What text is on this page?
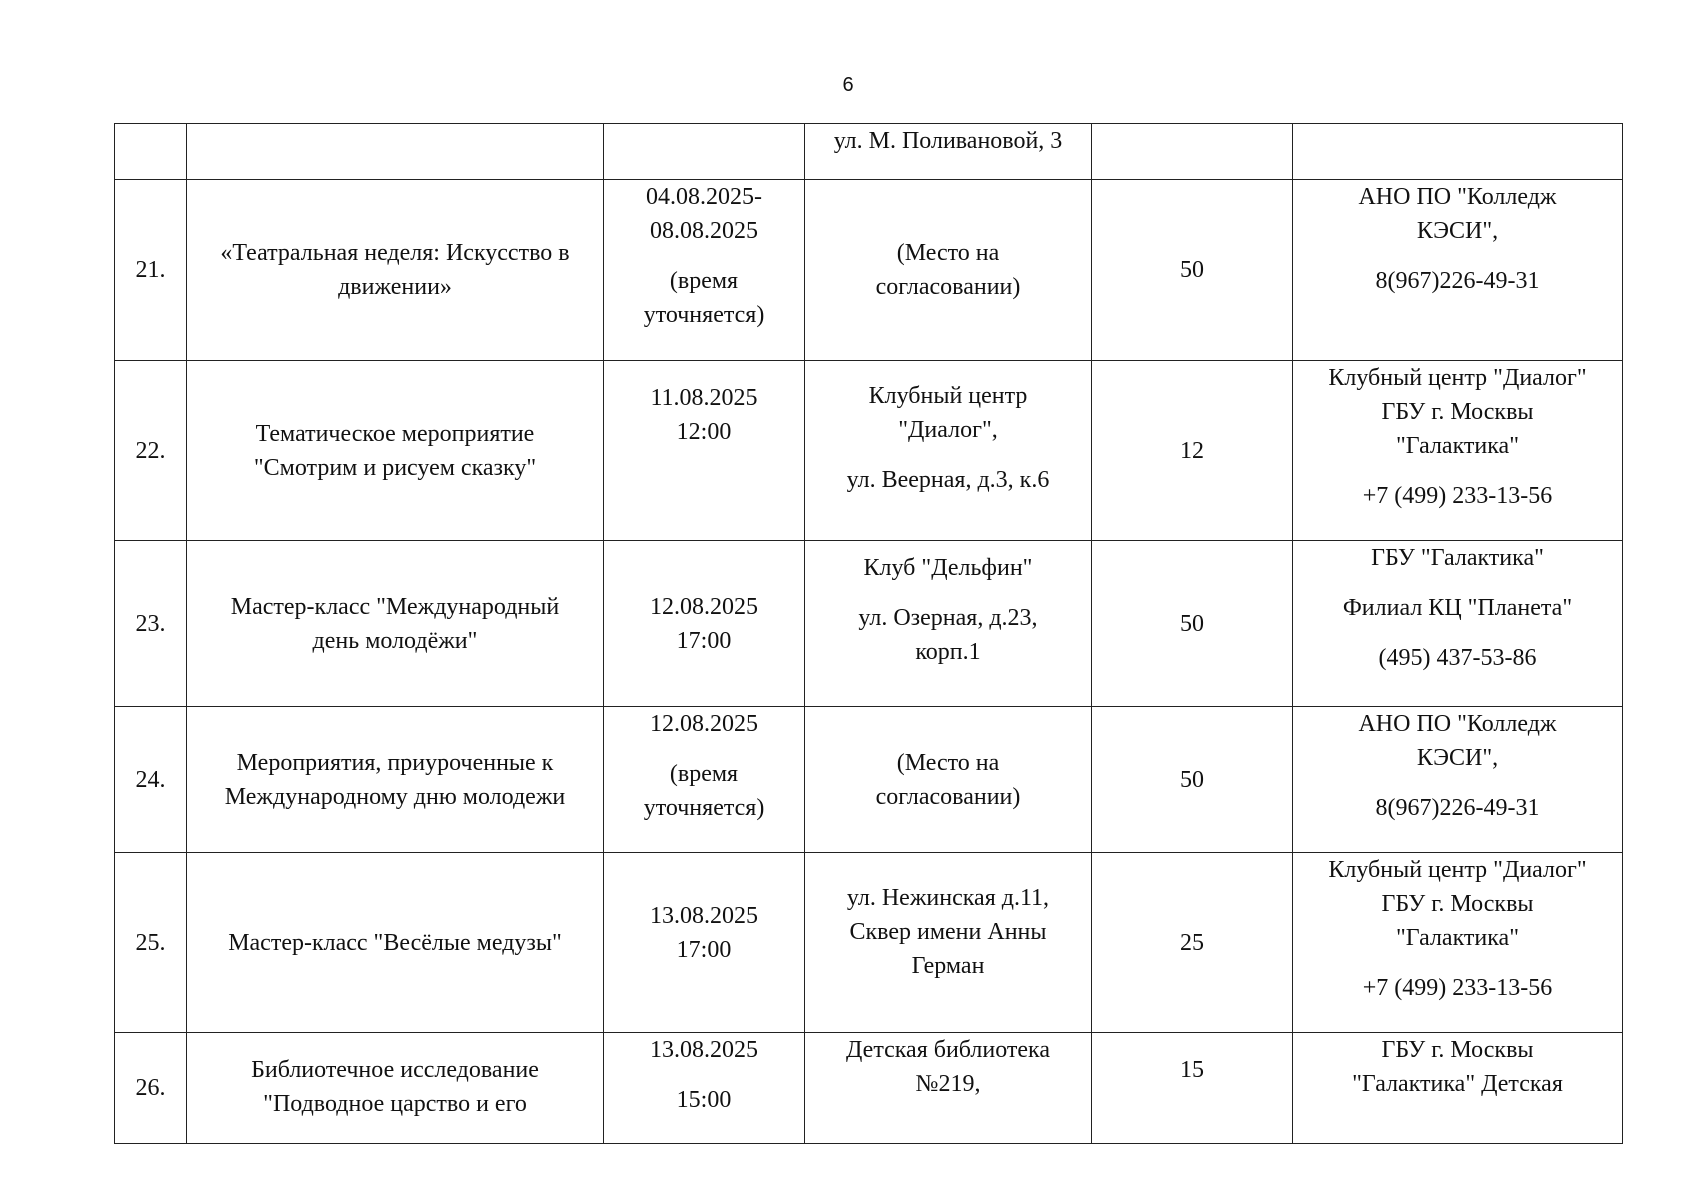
6

			ул. М. Поливановой, 3		

21.	«Театральная неделя: Искусство в
движении»	04.08.2025-
08.08.2025
(время
уточняется)	(Место на
согласовании)	50	АНО ПО "Колледж
КЭСИ",
8(967)226-49-31

22.	Тематическое мероприятие
"Смотрим и рисуем сказку"	11.08.2025
12:00	Клубный центр
"Диалог",
ул. Веерная, д.3, к.6	12	Клубный центр "Диалог"
ГБУ г. Москвы
"Галактика"
+7 (499) 233-13-56

23.	Мастер-класс "Международный
день молодёжи"	12.08.2025
17:00	Клуб "Дельфин"
ул. Озерная, д.23,
корп.1	50	ГБУ "Галактика"
Филиал КЦ "Планета"
(495) 437-53-86

24.	Мероприятия, приуроченные к
Международному дню молодежи	12.08.2025
(время
уточняется)	(Место на
согласовании)	50	АНО ПО "Колледж
КЭСИ",
8(967)226-49-31

25.	Мастер-класс "Весёлые медузы"	13.08.2025
17:00	ул. Нежинская д.11,
Сквер имени Анны
Герман	25	Клубный центр "Диалог"
ГБУ г. Москвы
"Галактика"
+7 (499) 233-13-56

26.	Библиотечное исследование
"Подводное царство и его	13.08.2025
15:00	Детская библиотека
№219,	15	ГБУ г. Москвы
"Галактика" Детская
